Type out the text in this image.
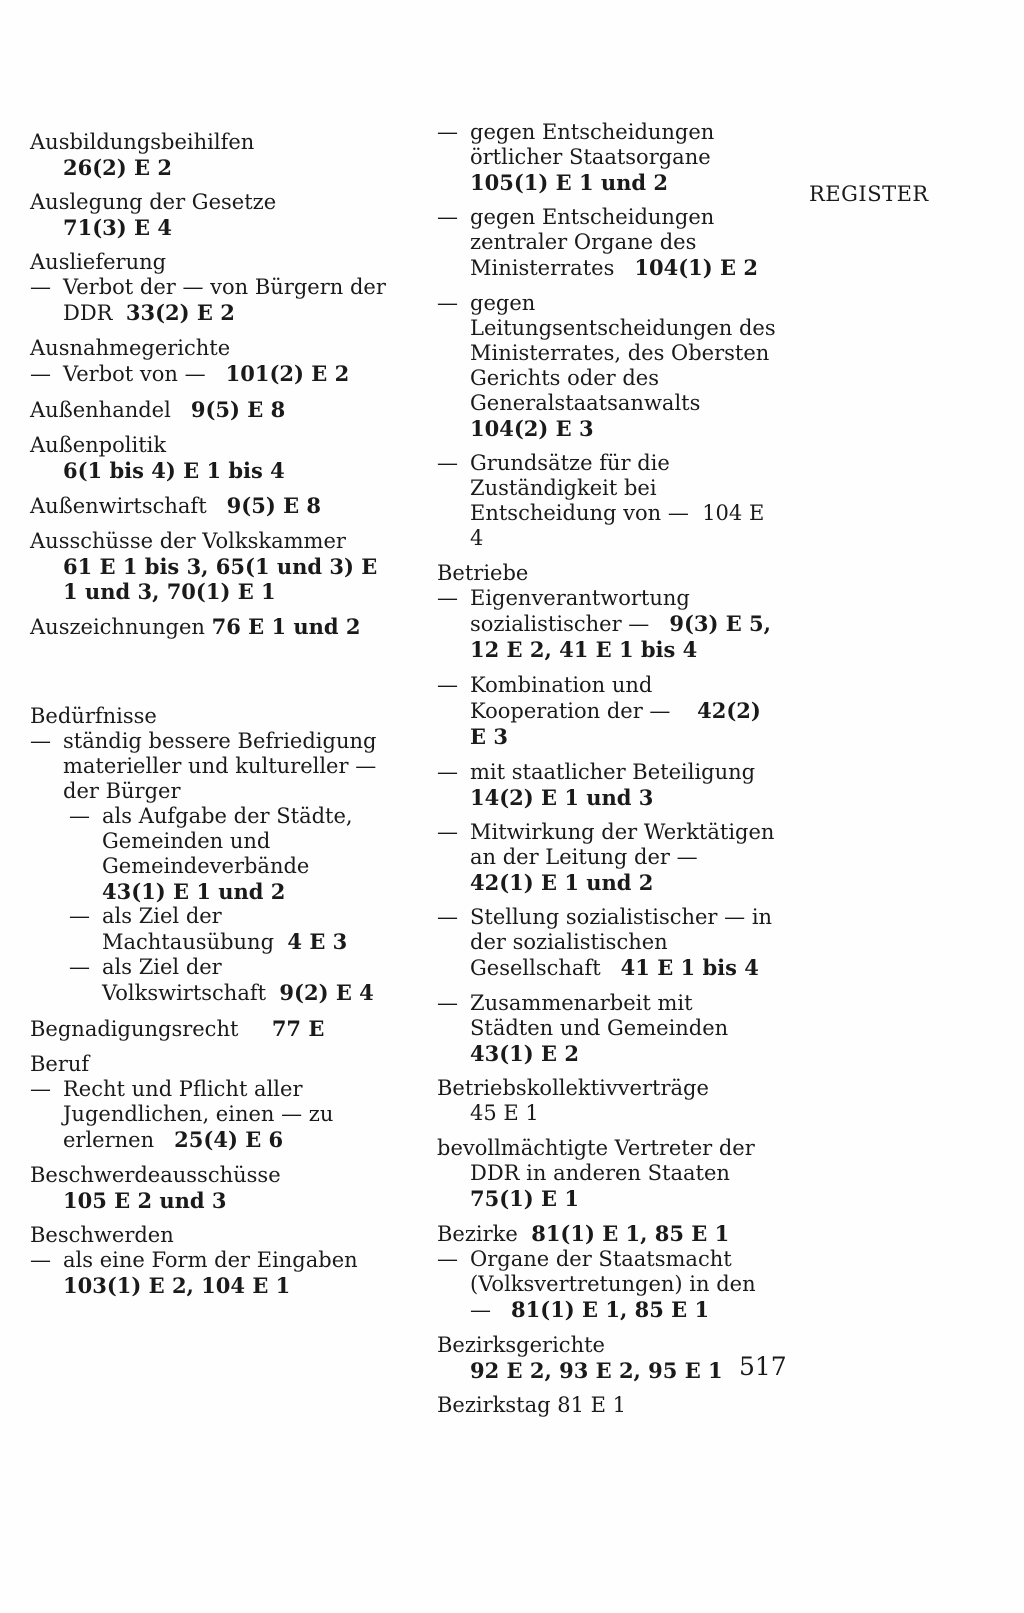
REGISTER
Ausbildungsbeihilfen
26(2) E 2
Auslegung der Gesetze
71(3) E 4
Auslieferung
— Verbot der — von Bürgern der DDR 33(2) E 2
Ausnahmegerichte
— Verbot von — 101(2) E 2
Außenhandel 9(5) E 8
Außenpolitik
6(1 bis 4) E 1 bis 4
Außenwirtschaft 9(5) E 8
Ausschüsse der Volkskammer
61 E 1 bis 3, 65(1 und 3) E 1 und 3, 70(1) E 1
Auszeichnungen 76 E 1 und 2
Bedürfnisse
— ständig bessere Befriedigung materieller und kultureller — der Bürger
— als Aufgabe der Städte, Gemeinden und Gemeindeverbände
43(1) E 1 und 2
— als Ziel der Machtausübung 4 E 3
— als Ziel der Volkswirtschaft 9(2) E 4
Begnadigungsrecht 77 E
Beruf
— Recht und Pflicht aller Jugendlichen, einen — zu erlernen 25(4) E 6
Beschwerdeausschüsse
105 E 2 und 3
Beschwerden
— als eine Form der Eingaben
103(1) E 2, 104 E 1
— gegen Entscheidungen örtlicher Staatsorgane
105(1) E 1 und 2
— gegen Entscheidungen zentraler Organe des Ministerrates 104(1) E 2
— gegen Leitungsentscheidungen des Ministerrates, des Obersten Gerichts oder des Generalstaatsanwalts
104(2) E 3
— Grundsätze für die Zuständigkeit bei Entscheidung von — 104 E 4
Betriebe
— Eigenverantwortung sozialistischer — 9(3) E 5, 12 E 2, 41 E 1 bis 4
— Kombination und Kooperation der — 42(2) E 3
— mit staatlicher Beteiligung
14(2) E 1 und 3
— Mitwirkung der Werktätigen an der Leitung der —
42(1) E 1 und 2
— Stellung sozialistischer — in der sozialistischen Gesellschaft 41 E 1 bis 4
— Zusammenarbeit mit Städten und Gemeinden
43(1) E 2
Betriebskollektivverträge
45 E 1
bevollmächtigte Vertreter der DDR in anderen Staaten
75(1) E 1
Bezirke 81(1) E 1, 85 E 1
— Organe der Staatsmacht (Volksvertretungen) in den — 81(1) E 1, 85 E 1
Bezirksgerichte
92 E 2, 93 E 2, 95 E 1
Bezirkstag 81 E 1
517
